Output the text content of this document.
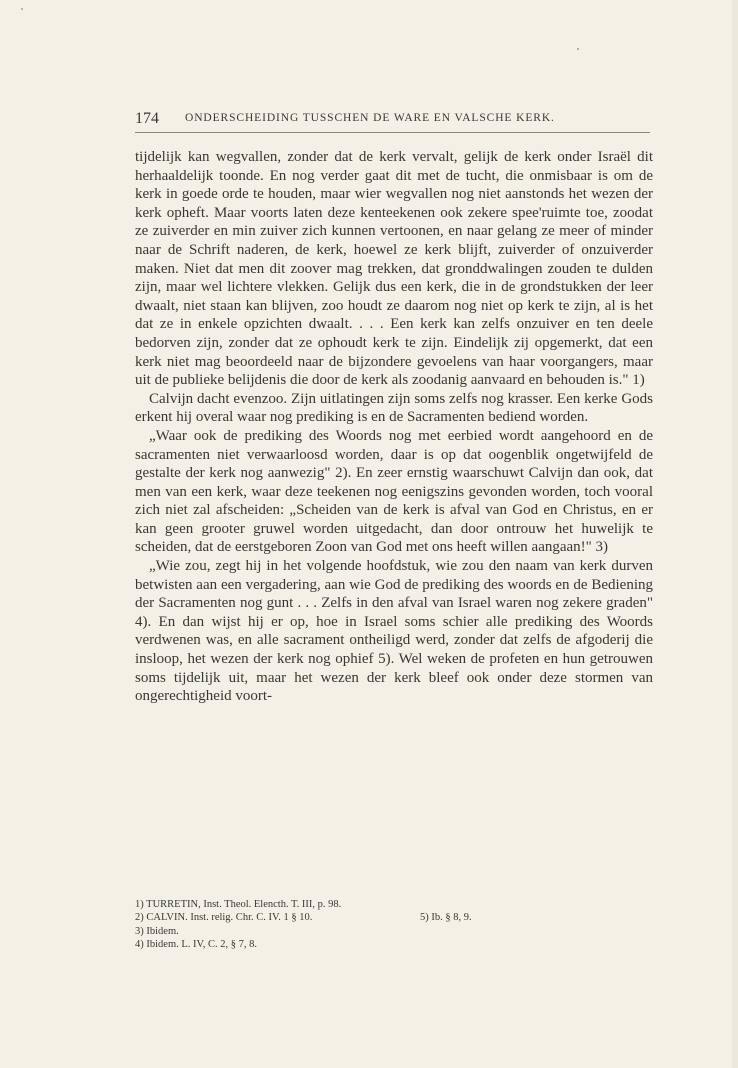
174 ONDERSCHEIDING TUSSCHEN DE WARE EN VALSCHE KERK.

tijdelijk kan wegvallen, zonder dat de kerk vervalt, gelijk de kerk onder Israël dit herhaaldelijk toonde. En nog verder gaat dit met de tucht, die onmisbaar is om de kerk in goede orde te houden, maar wier wegvallen nog niet aanstonds het wezen der kerk opheft. Maar voorts laten deze kenteekenen ook zekere spee'ruimte toe, zoodat ze zuiverder en min zuiver zich kunnen vertoonen, en naar gelang ze meer of minder naar de Schrift naderen, de kerk, hoewel ze kerk blijft, zuiverder of onzuiverder maken. Niet dat men dit zoover mag trekken, dat gronddwalingen zouden te dulden zijn, maar wel lichtere vlekken. Gelijk dus een kerk, die in de grondstukken der leer dwaalt, niet staan kan blijven, zoo houdt ze daarom nog niet op kerk te zijn, al is het dat ze in enkele opzichten dwaalt. . . . Een kerk kan zelfs onzuiver en ten deele bedorven zijn, zonder dat ze ophoudt kerk te zijn. Eindelijk zij opgemerkt, dat een kerk niet mag beoordeeld naar de bijzondere gevoelens van haar voorgangers, maar uit de publieke belijdenis die door de kerk als zoodanig aanvaard en behouden is." 1)

Calvijn dacht evenzoo. Zijn uitlatingen zijn soms zelfs nog krasser. Een kerke Gods erkent hij overal waar nog prediking is en de Sacramenten bediend worden.

„Waar ook de prediking des Woords nog met eerbied wordt aangehoord en de sacramenten niet verwaarloosd worden, daar is op dat oogenblik ongetwijfeld de gestalte der kerk nog aanwezig" 2). En zeer ernstig waarschuwt Calvijn dan ook, dat men van een kerk, waar deze teekenen nog eenigszins gevonden worden, toch vooral zich niet zal afscheiden: „Scheiden van de kerk is afval van God en Christus, en er kan geen grooter gruwel worden uitgedacht, dan door ontrouw het huwelijk te scheiden, dat de eerstgeboren Zoon van God met ons heeft willen aangaan!" 3)

„Wie zou, zegt hij in het volgende hoofdstuk, wie zou den naam van kerk durven betwisten aan een vergadering, aan wie God de prediking des woords en de Bediening der Sacramenten nog gunt . . . Zelfs in den afval van Israel waren nog zekere graden" 4). En dan wijst hij er op, hoe in Israel soms schier alle prediking des Woords verdwenen was, en alle sacrament ontheiligd werd, zonder dat zelfs de afgoderij die insloop, het wezen der kerk nog ophief 5). Wel weken de profeten en hun getrouwen soms tijdelijk uit, maar het wezen der kerk bleef ook onder deze stormen van ongerechtigheid voort-

1) TURRETIN, Inst. Theol. Elencth. T. III, p. 98.
2) CALVIN. Inst. relig. Chr. C. IV. 1 § 10.	5) Ib. § 8, 9.
3) Ibidem.
4) Ibidem. L. IV, C. 2, § 7, 8.
